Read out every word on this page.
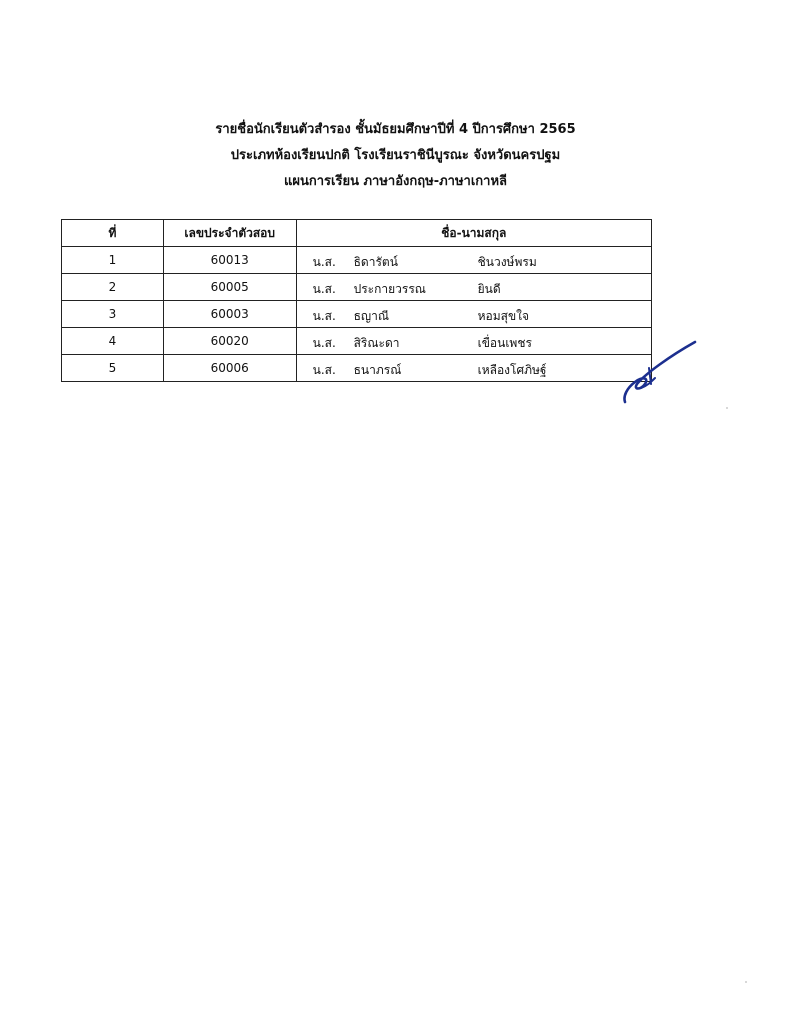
รายชื่อนักเรียนตัวสำรอง ชั้นมัธยมศึกษาปีที่ 4 ปีการศึกษา 2565
ประเภทห้องเรียนปกติ โรงเรียนราชินีบูรณะ จังหวัดนครปฐม
แผนการเรียน ภาษาอังกฤษ-ภาษาเกาหลี
ที่	เลขประจำตัวสอบ	ชื่อ-นามสกุล
1	60013	น.ส. ธิดารัตน์ ชินวงษ์พรม

2	60005	น.ส. ประกายวรรณ ยินดี

3	60003	น.ส. ธญาณี หอมสุขใจ

4	60020	น.ส. สิริณะดา เขื่อนเพชร

5	60006	น.ส. ธนาภรณ์ เหลืองโศภิษฐ์
